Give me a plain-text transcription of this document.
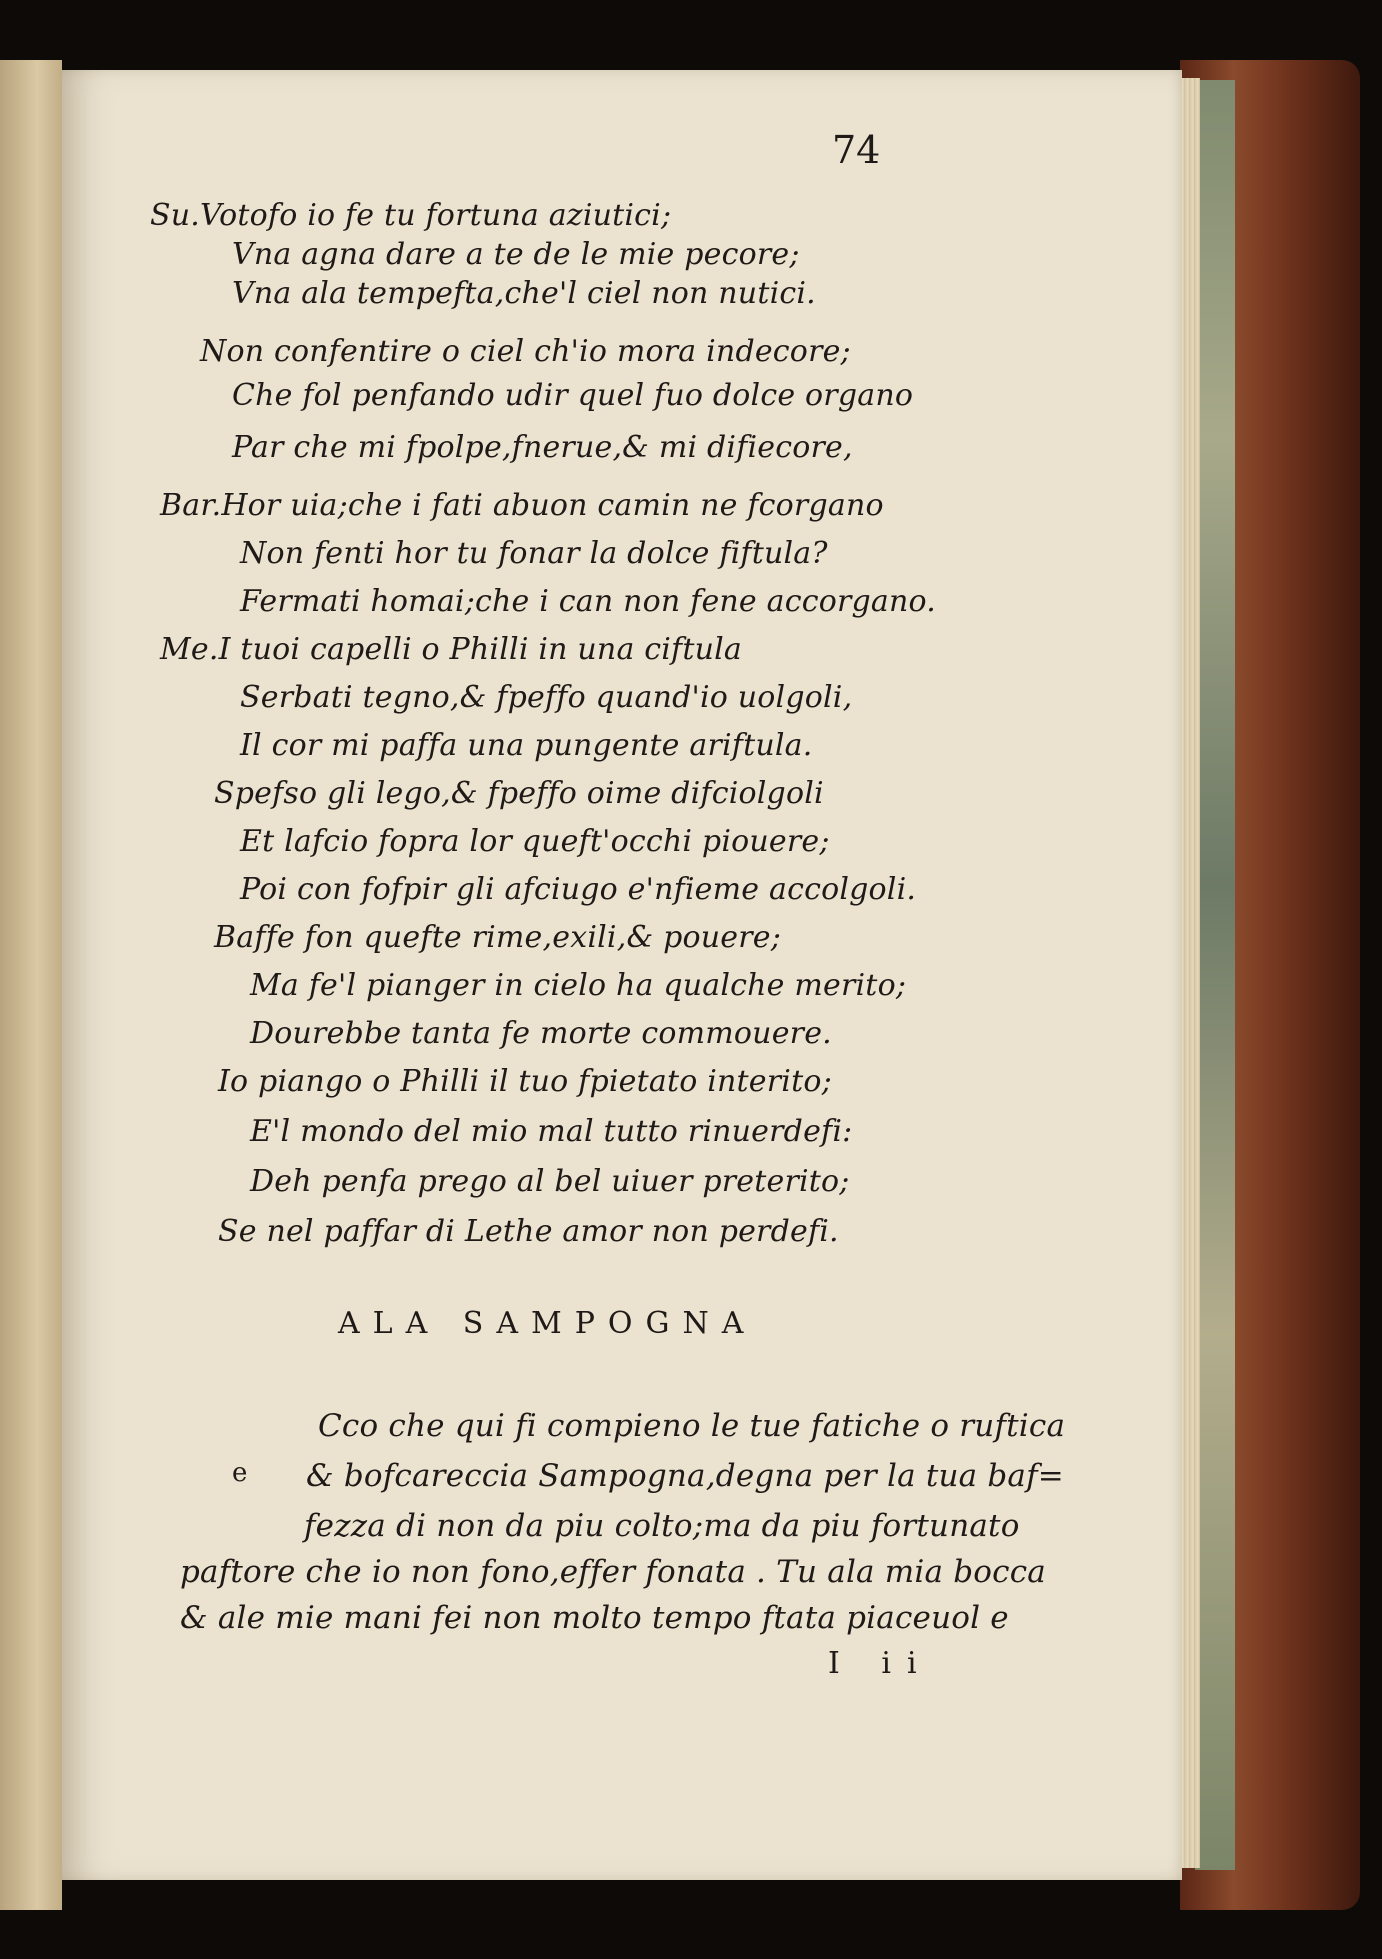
74
Su.Votofo io fe tu fortuna aziutici;
Vna agna dare a te de le mie pecore;
Vna ala tempefta,che'l ciel non nutici.
Non confentire o ciel ch'io mora indecore;
Che fol penfando udir quel fuo dolce organo
Par che mi fpolpe,fnerue,& mi difiecore,
Bar.Hor uia;che i fati abuon camin ne fcorgano
Non fenti hor tu fonar la dolce fiftula?
Fermati homai;che i can non fene accorgano.
Me.I tuoi capelli o Philli in una ciftula
Serbati tegno,& fpeffo quand'io uolgoli,
Il cor mi paffa una pungente ariftula.
Spefso gli lego,& fpeffo oime difciolgoli
Et lafcio fopra lor queft'occhi piouere;
Poi con fofpir gli afciugo e'nfieme accolgoli.
Baffe fon quefte rime,exili,& pouere;
Ma fe'l pianger in cielo ha qualche merito;
Dourebbe tanta fe morte commouere.
Io piango o Philli il tuo fpietato interito;
E'l mondo del mio mal tutto rinuerdefi:
Deh penfa prego al bel uiuer preterito;
Se nel paffar di Lethe amor non perdefi.
ALA SAMPOGNA
e
Cco che qui fi compieno le tue fatiche o ruftica
& bofcareccia Sampogna,degna per la tua baf=
fezza di non da piu colto;ma da piu fortunato
paftore che io non fono,effer fonata . Tu ala mia bocca
& ale mie mani fei non molto tempo ftata piaceuol e
I ii
